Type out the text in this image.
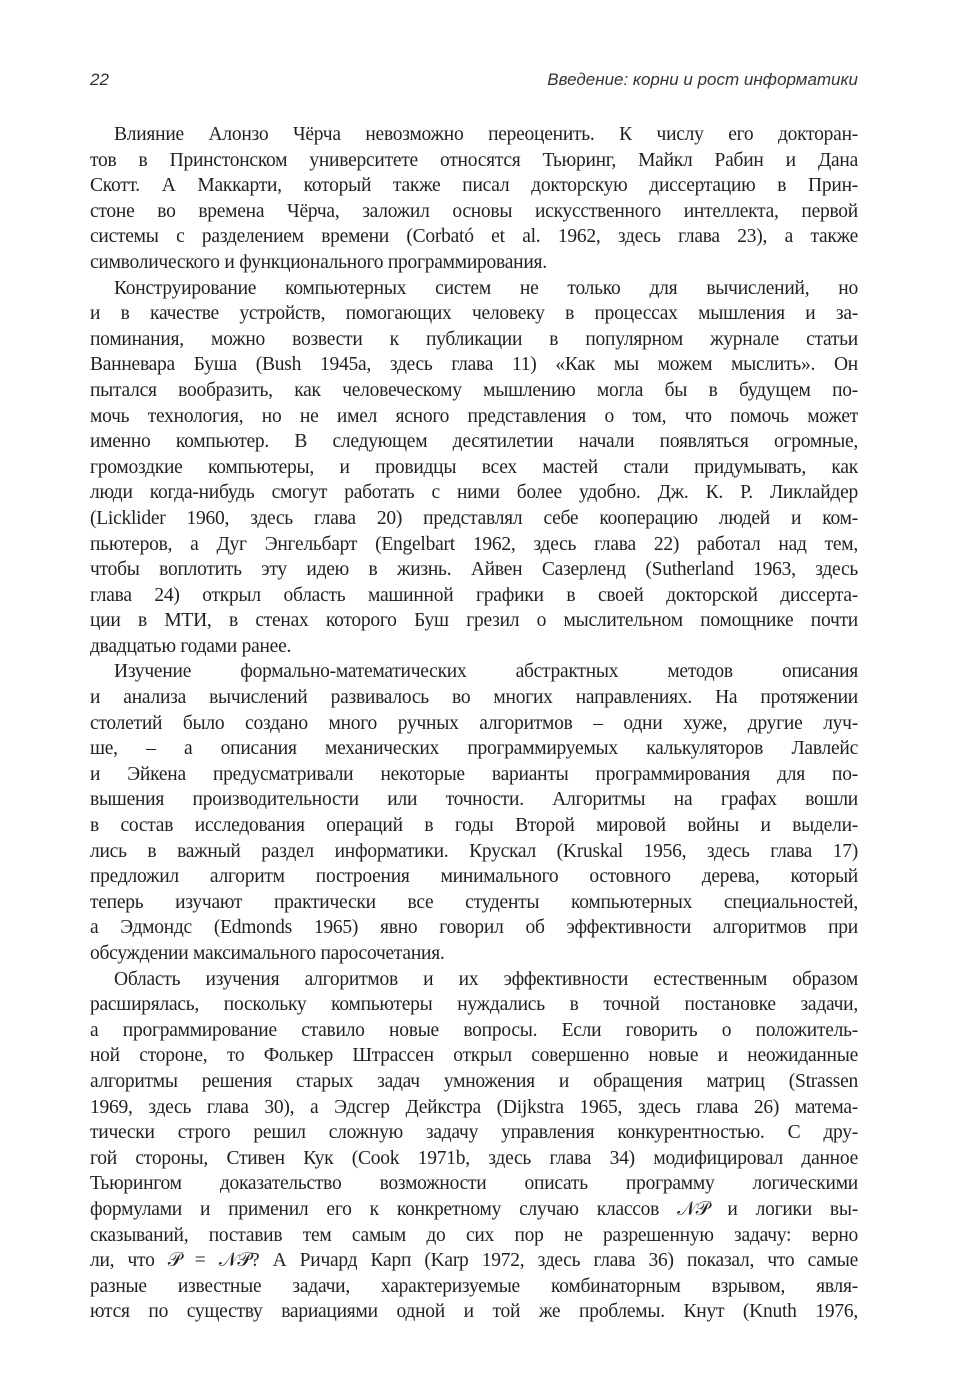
22	Введение: корни и рост информатики
Влияние Алонзо Чёрча невозможно переоценить. К числу его докторан-
тов в Принстонском университете относятся Тьюринг, Майкл Рабин и Дана
Скотт. А Маккарти, который также писал докторскую диссертацию в Прин-
стоне во времена Чёрча, заложил основы искусственного интеллекта, первой
системы с разделением времени (Corbató et al. 1962, здесь глава 23), а также
символического и функционального программирования.
Конструирование компьютерных систем не только для вычислений, но
и в качестве устройств, помогающих человеку в процессах мышления и за-
поминания, можно возвести к публикации в популярном журнале статьи
Ванневара Буша (Bush 1945a, здесь глава 11) «Как мы можем мыслить». Он
пытался вообразить, как человеческому мышлению могла бы в будущем по-
мочь технология, но не имел ясного представления о том, что помочь может
именно компьютер. В следующем десятилетии начали появляться огромные,
громоздкие компьютеры, и провидцы всех мастей стали придумывать, как
люди когда-нибудь смогут работать с ними более удобно. Дж. К. Р. Ликлайдер
(Licklider 1960, здесь глава 20) представлял себе кооперацию людей и ком-
пьютеров, а Дуг Энгельбарт (Engelbart 1962, здесь глава 22) работал над тем,
чтобы воплотить эту идею в жизнь. Айвен Сазерленд (Sutherland 1963, здесь
глава 24) открыл область машинной графики в своей докторской диссерта-
ции в МТИ, в стенах которого Буш грезил о мыслительном помощнике почти
двадцатью годами ранее.
Изучение формально-математических абстрактных методов описания
и анализа вычислений развивалось во многих направлениях. На протяжении
столетий было создано много ручных алгоритмов – одни хуже, другие луч-
ше, – а описания механических программируемых калькуляторов Лавлейс
и Эйкена предусматривали некоторые варианты программирования для по-
вышения производительности или точности. Алгоритмы на графах вошли
в состав исследования операций в годы Второй мировой войны и выдели-
лись в важный раздел информатики. Крускал (Kruskal 1956, здесь глава 17)
предложил алгоритм построения минимального остовного дерева, который
теперь изучают практически все студенты компьютерных специальностей,
а Эдмондс (Edmonds 1965) явно говорил об эффективности алгоритмов при
обсуждении максимального паросочетания.
Область изучения алгоритмов и их эффективности естественным образом
расширялась, поскольку компьютеры нуждались в точной постановке задачи,
а программирование ставило новые вопросы. Если говорить о положитель-
ной стороне, то Фолькер Штрассен открыл совершенно новые и неожиданные
алгоритмы решения старых задач умножения и обращения матриц (Strassen
1969, здесь глава 30), а Эдсгер Дейкстра (Dijkstra 1965, здесь глава 26) матема-
тически строго решил сложную задачу управления конкурентностью. С дру-
гой стороны, Стивен Кук (Cook 1971b, здесь глава 34) модифицировал данное
Тьюрингом доказательство возможности описать программу логическими
формулами и применил его к конкретному случаю классов 𝒩𝒫 и логики вы-
сказываний, поставив тем самым до сих пор не разрешенную задачу: верно
ли, что 𝒫 = 𝒩𝒫? А Ричард Карп (Karp 1972, здесь глава 36) показал, что самые
разные известные задачи, характеризуемые комбинаторным взрывом, явля-
ются по существу вариациями одной и той же проблемы. Кнут (Knuth 1976,
